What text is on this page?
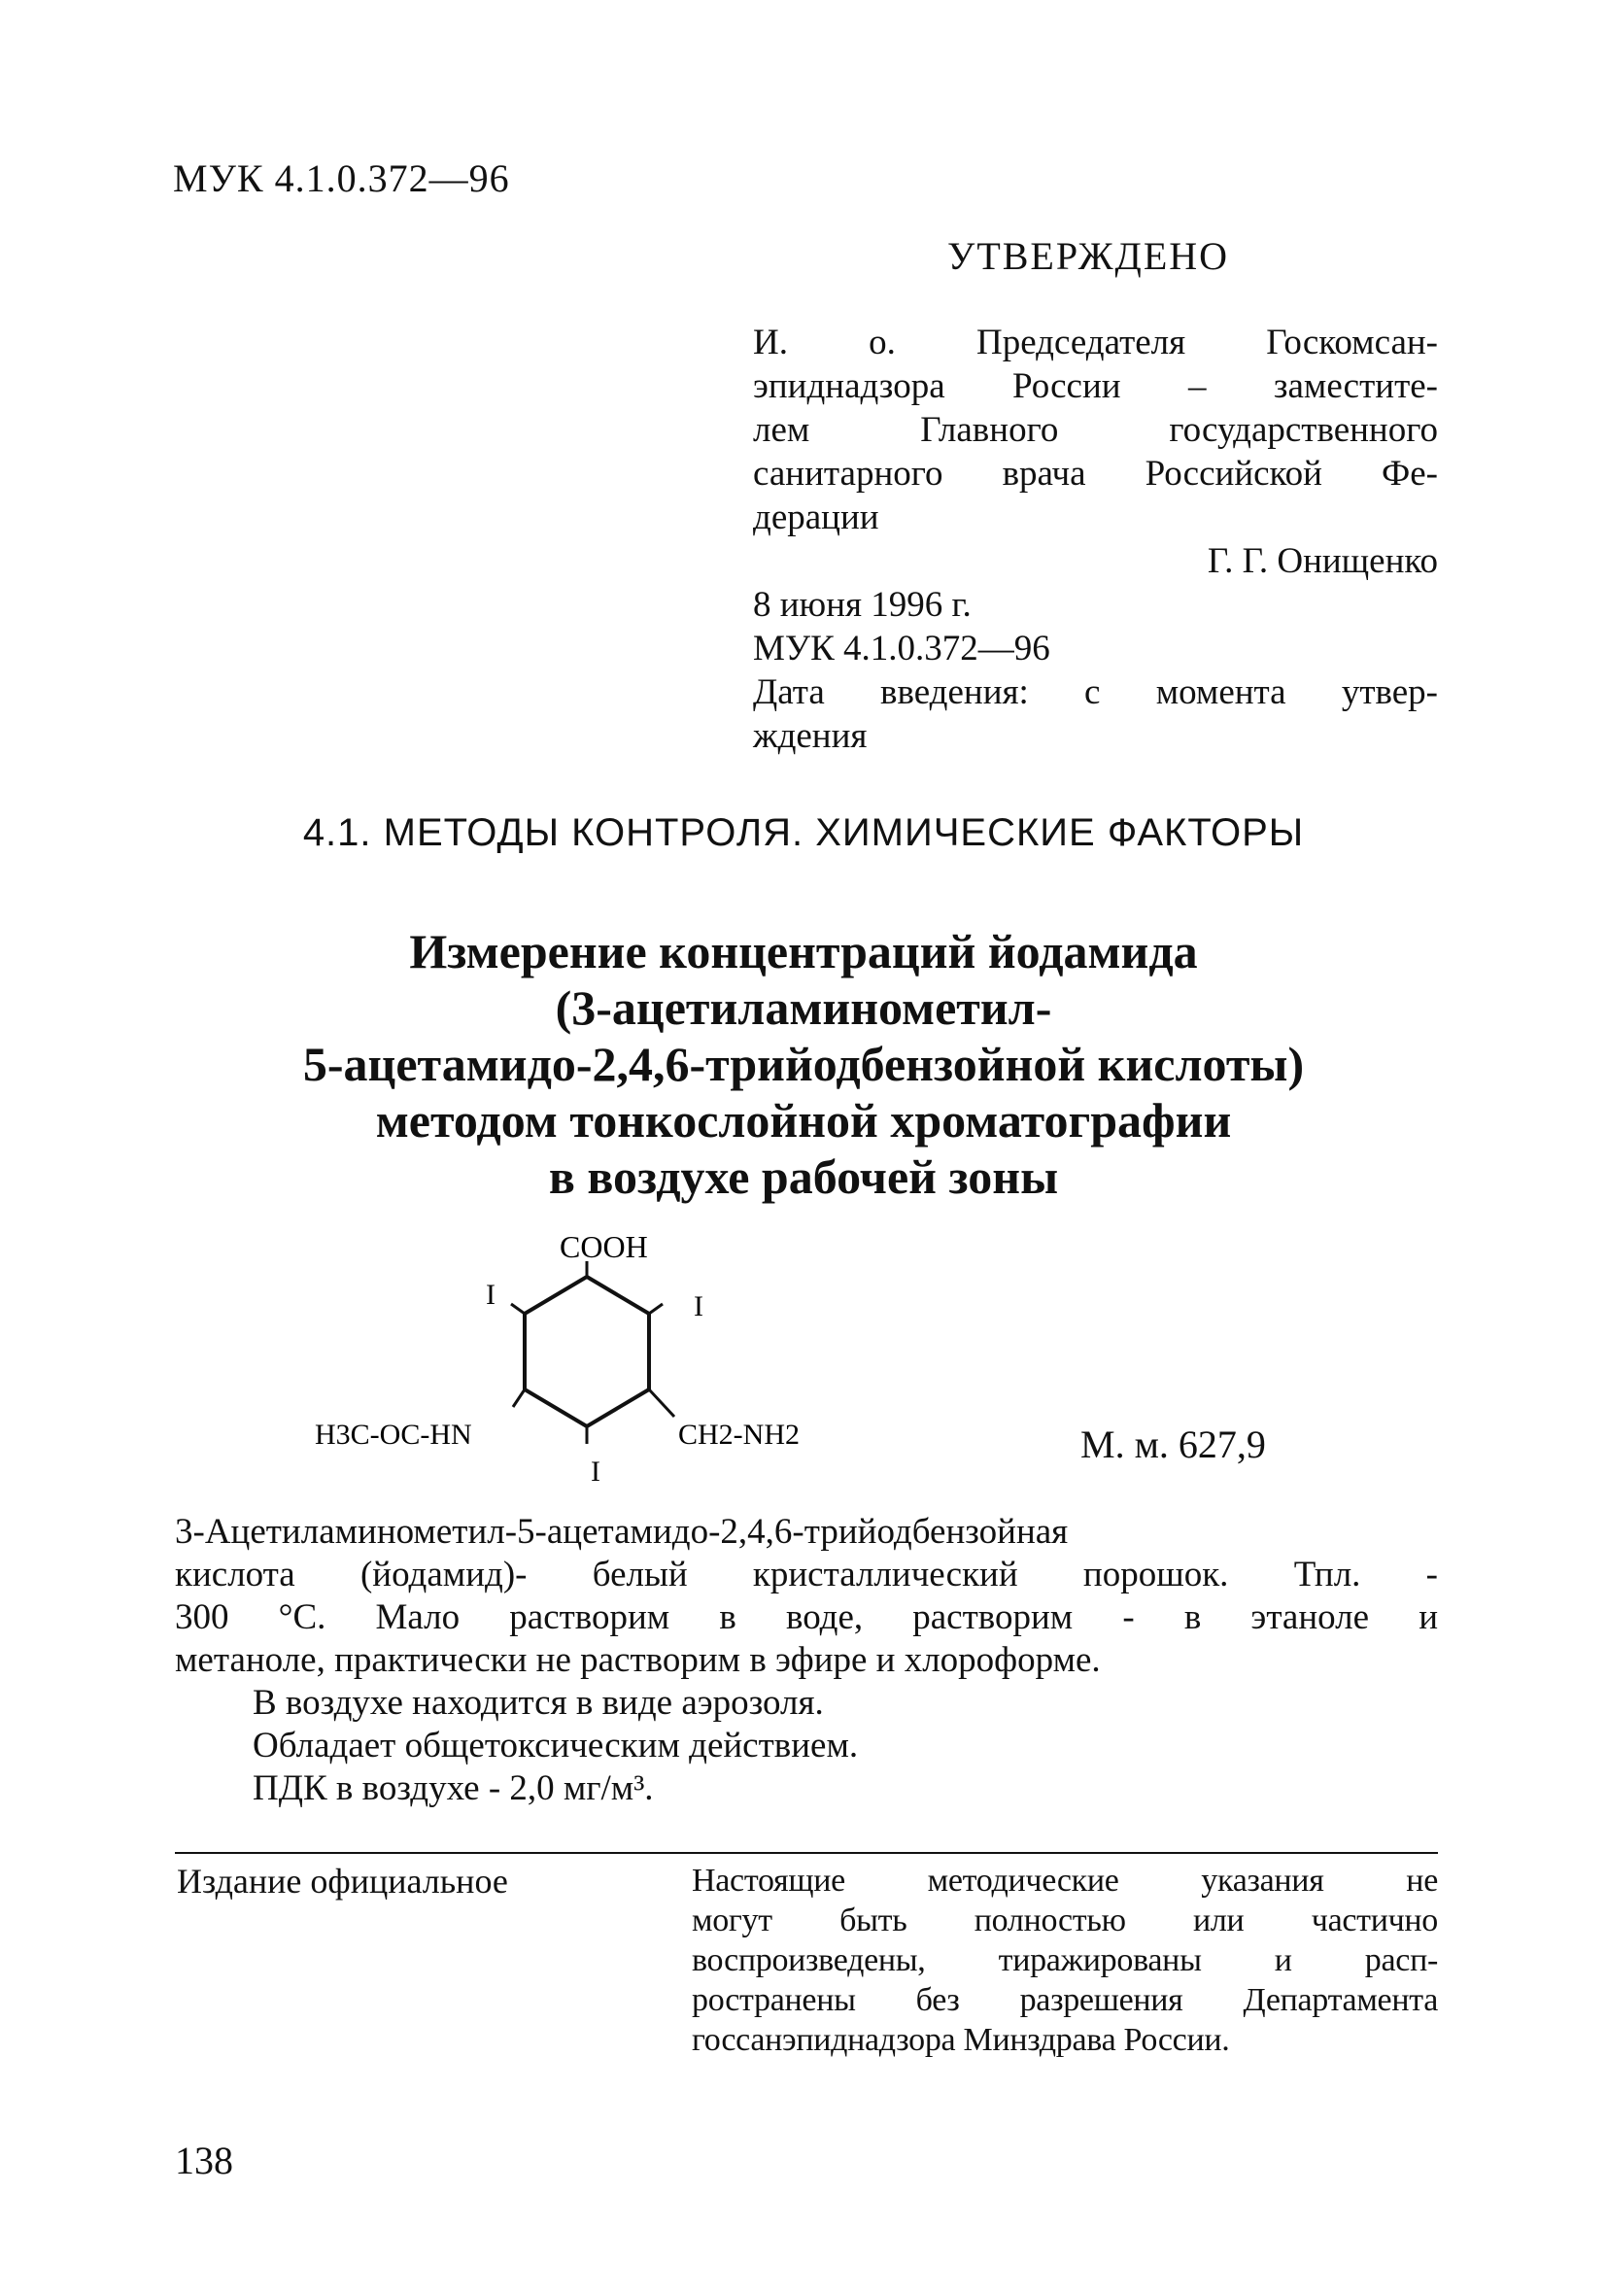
МУК 4.1.0.372—96
УТВЕРЖДЕНО
И. о. Председателя Госкомсан-
эпиднадзора России – заместите-
лем Главного государственного
санитарного врача Российской Фе-
дерации
Г. Г. Онищенко
8 июня 1996 г.
МУК 4.1.0.372—96
Дата введения: с момента утвер-
ждения
4.1. МЕТОДЫ КОНТРОЛЯ. ХИМИЧЕСКИЕ ФАКТОРЫ
Измерение концентраций йодамида
(3-ацетиламинометил-
5-ацетамидо-2,4,6-трийодбензойной кислоты)
методом тонкослойной хроматографии
в воздухе рабочей зоны
COOH
I	I
H3C-OC-HN	CH2-NH2
I
М. м. 627,9
3-Ацетиламинометил-5-ацетамидо-2,4,6-трийодбензойная
кислота (йодамид)- белый кристаллический порошок. Тпл. -
300 °С. Мало растворим в воде, растворим - в этаноле и
метаноле, практически не растворим в эфире и хлороформе.
В воздухе находится в виде аэрозоля.
Обладает общетоксическим действием.
ПДК в воздухе - 2,0 мг/м³.
Издание официальное	Настоящие методические указания не
могут быть полностью или частично
воспроизведены, тиражированы и расп-
ространены без разрешения Департамента
госсанэпиднадзора Минздрава России.
138
